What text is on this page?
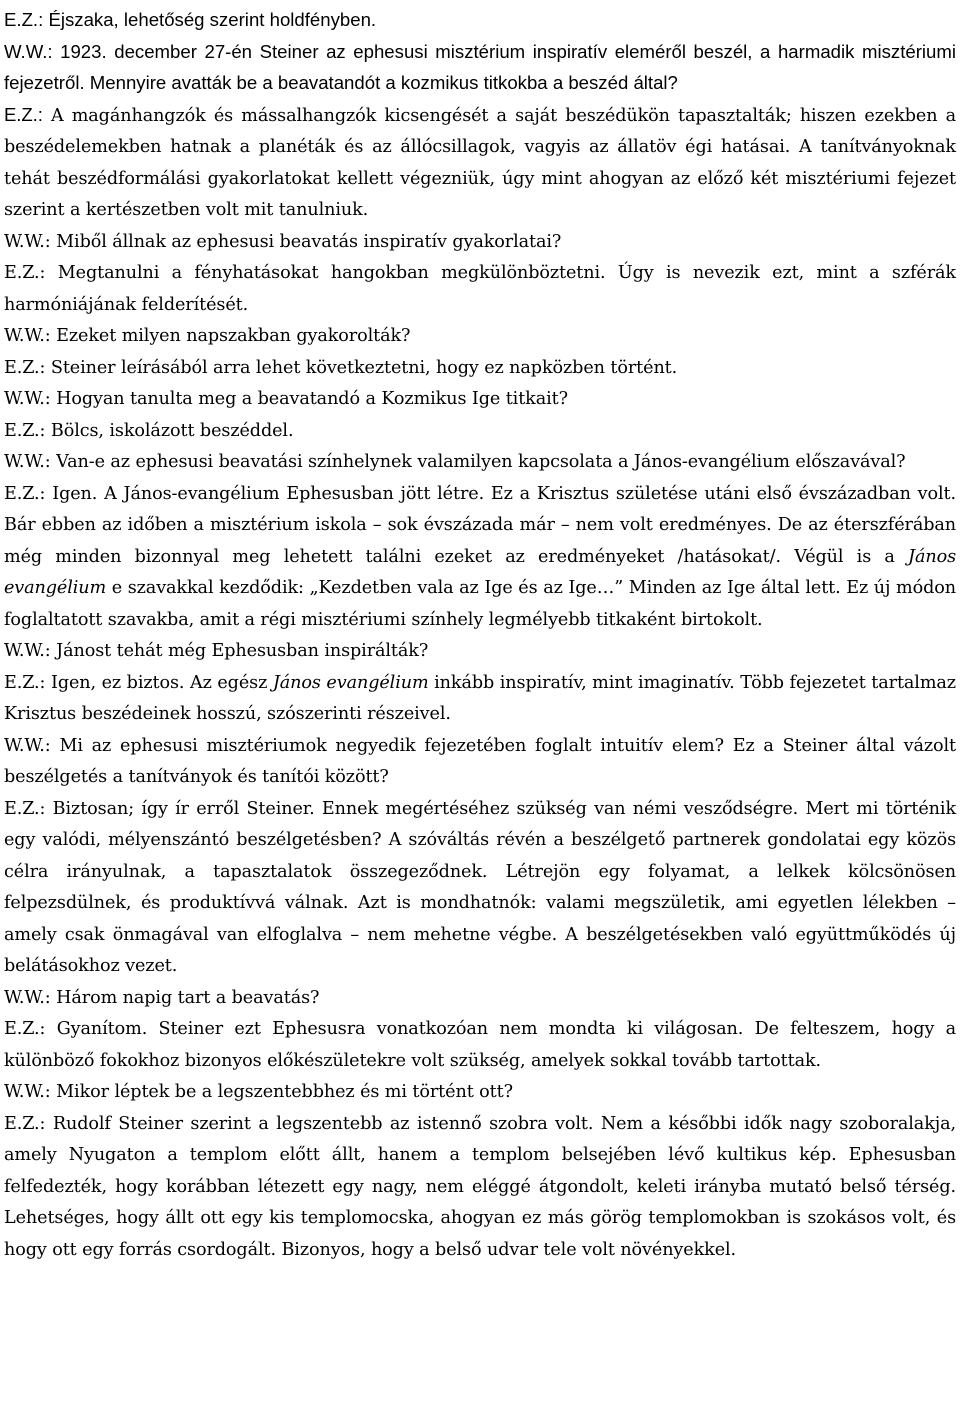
E.Z.: Éjszaka, lehetőség szerint holdfényben.

W.W.: 1923. december 27-én Steiner az ephesusi misztérium inspiratív eleméről beszél, a harmadik misztériumi fejezetről. Mennyire avatták be a beavatandót a kozmikus titkokba a beszéd által?

E.Z.: A magánhangzók és mássalhangzók kicsengését a saját beszédükön tapasztalták; hiszen ezekben a beszédelemekben hatnak a planéták és az állócsillagok, vagyis az állatöv égi hatásai. A tanítványoknak tehát beszédformálási gyakorlatokat kellett végezniük, úgy mint ahogyan az előző két misztériumi fejezet szerint a kertészetben volt mit tanulniuk.

W.W.: Miből állnak az ephesusi beavatás inspiratív gyakorlatai?

E.Z.: Megtanulni a fényhatásokat hangokban megkülönböztetni. Úgy is nevezik ezt, mint a szférák harmóniájának felderítését.

W.W.: Ezeket milyen napszakban gyakorolták?

E.Z.: Steiner leírásából arra lehet következtetni, hogy ez napközben történt.

W.W.: Hogyan tanulta meg a beavatandó a Kozmikus Ige titkait?

E.Z.: Bölcs, iskolázott beszéddel.

W.W.: Van-e az ephesusi beavatási színhelynek valamilyen kapcsolata a János-evangélium előszavával?

E.Z.: Igen. A János-evangélium Ephesusban jött létre. Ez a Krisztus születése utáni első évszázadban volt. Bár ebben az időben a misztérium iskola – sok évszázada már – nem volt eredményes. De az éterszférában még minden bizonnyal meg lehetett találni ezeket az eredményeket /hatásokat/. Végül is a János evangélium e szavakkal kezdődik: „Kezdetben vala az Ige és az Ige…” Minden az Ige által lett. Ez új módon foglaltatott szavakba, amit a régi misztériumi színhely legmélyebb titkaként birtokolt.

W.W.: Jánost tehát még Ephesusban inspirálták?

E.Z.: Igen, ez biztos. Az egész János evangélium inkább inspiratív, mint imaginatív. Több fejezetet tartalmaz Krisztus beszédeinek hosszú, szószerinti részeivel.

W.W.: Mi az ephesusi misztériumok negyedik fejezetében foglalt intuitív elem? Ez a Steiner által vázolt beszélgetés a tanítványok és tanítói között?

E.Z.: Biztosan; így ír erről Steiner. Ennek megértéséhez szükség van némi vesződségre. Mert mi történik egy valódi, mélyenszántó beszélgetésben? A szóváltás révén a beszélgető partnerek gondolatai egy közös célra irányulnak, a tapasztalatok összegeződnek. Létrejön egy folyamat, a lelkek kölcsönösen felpezsdülnek, és produktívvá válnak. Azt is mondhatnók: valami megszületik, ami egyetlen lélekben – amely csak önmagával van elfoglalva – nem mehetne végbe. A beszélgetésekben való együttműködés új belátásokhoz vezet.

W.W.: Három napig tart a beavatás?

E.Z.: Gyanítom. Steiner ezt Ephesusra vonatkozóan nem mondta ki világosan. De felteszem, hogy a különböző fokokhoz bizonyos előkészületekre volt szükség, amelyek sokkal tovább tartottak.

W.W.: Mikor léptek be a legszentebbhez és mi történt ott?

E.Z.: Rudolf Steiner szerint a legszentebb az istennő szobra volt. Nem a későbbi idők nagy szoboralakja, amely Nyugaton a templom előtt állt, hanem a templom belsejében lévő kultikus kép. Ephesusban felfedezték, hogy korábban létezett egy nagy, nem eléggé átgondolt, keleti irányba mutató belső térség. Lehetséges, hogy állt ott egy kis templomocska, ahogyan ez más görög templomokban is szokásos volt, és hogy ott egy forrás csordogált. Bizonyos, hogy a belső udvar tele volt növényekkel.
